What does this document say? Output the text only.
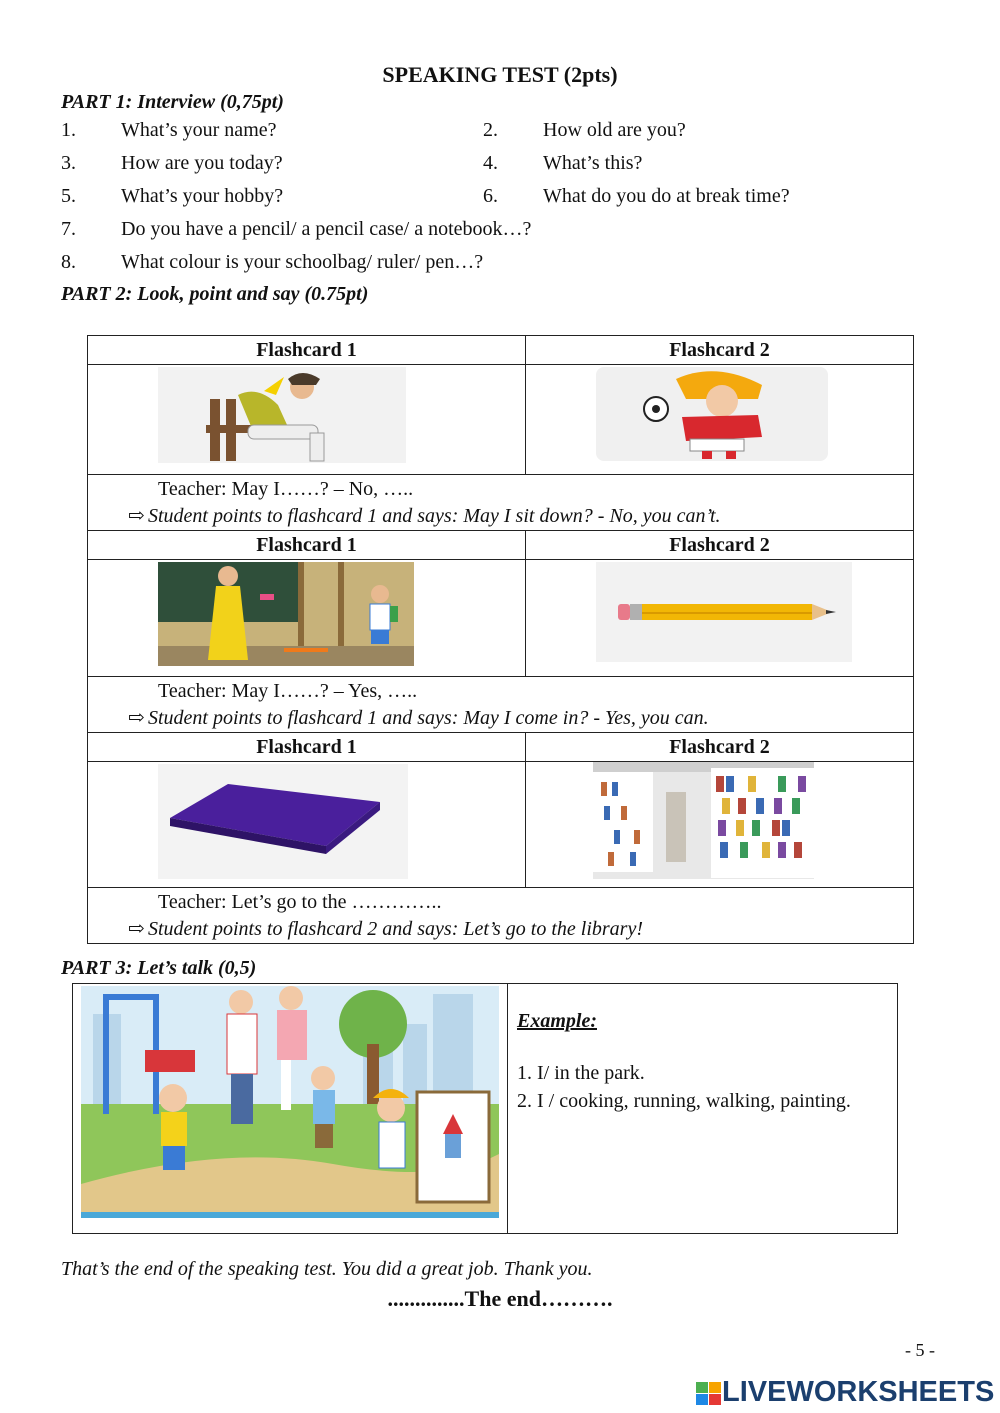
SPEAKING TEST (2pts)
PART 1: Interview (0,75pt)
1. What’s your name?	2. How old are you?
3. How are you today?	4. What’s this?
5. What’s your hobby?	6. What do you do at break time?
7. Do you have a pencil/ a pencil case/ a notebook…?
8. What colour is your schoolbag/ ruler/ pen…?
PART 2: Look, point and say (0.75pt)
Flashcard 1	Flashcard 2

Teacher: May I……? – No, …..
⇨ Student points to flashcard 1 and says: May I sit down? - No, you can’t.	

Flashcard 1	Flashcard 2

Teacher: May I……? – Yes, …..
⇨ Student points to flashcard 1 and says: May I come in? - Yes, you can.	

Flashcard 1	Flashcard 2

Teacher: Let’s go to the …………..
⇨ Student points to flashcard 2 and says: Let’s go to the library!	
PART 3: Let’s talk (0,5)

Example:
1. I/ in the park.
2. I / cooking, running, walking, painting.
That’s the end of the speaking test. You did a great job. Thank you.
..............The end……….
- 5 -
LIVEWORKSHEETS
